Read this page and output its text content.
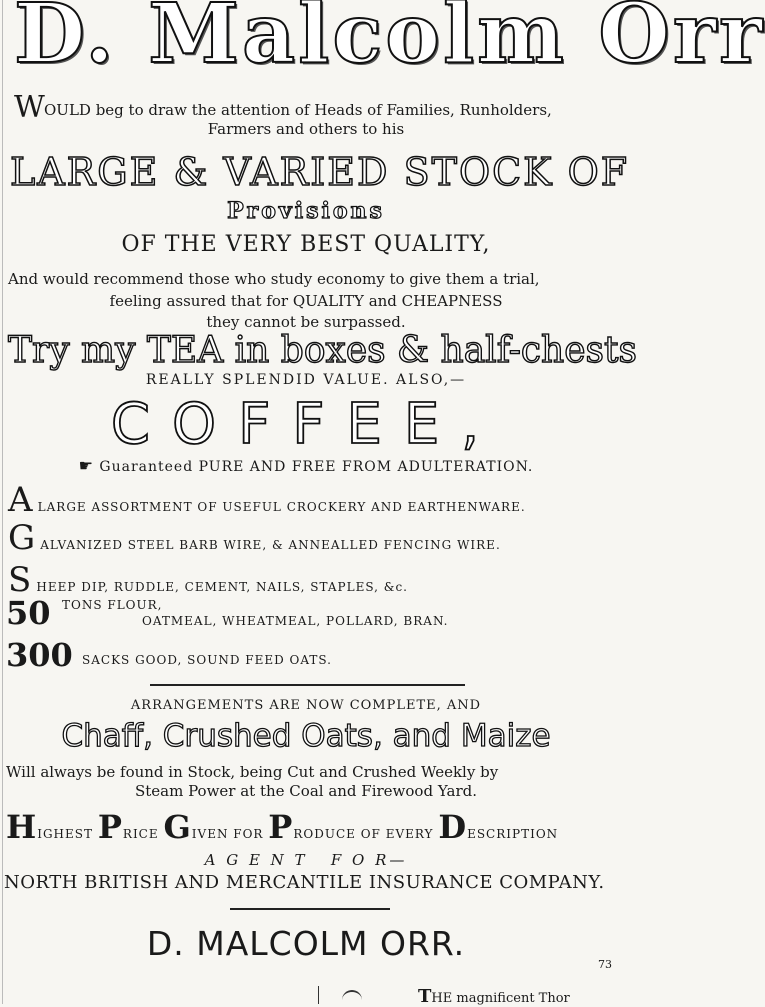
D. Malcolm Orr
W OULD beg to draw the attention of Heads of Families, Runholders,
Farmers and others to his
LARGE & VARIED STOCK OF
Provisions
OF THE VERY BEST QUALITY,
And would recommend those who study economy to give them a trial,
feeling assured that for QUALITY and CHEAPNESS
they cannot be surpassed.
Try my TEA in boxes & half-chests
REALLY SPLENDID VALUE. ALSO,—
COFFEE,
☛ Guaranteed PURE AND FREE FROM ADULTERATION.
A LARGE ASSORTMENT OF USEFUL CROCKERY AND EARTHENWARE.
G ALVANIZED STEEL BARB WIRE, & ANNEALLED FENCING WIRE.
S HEEP DIP, RUDDLE, CEMENT, NAILS, STAPLES, &c.
50 TONS FLOUR,
OATMEAL, WHEATMEAL, POLLARD, BRAN.
300 SACKS GOOD, SOUND FEED OATS.
ARRANGEMENTS ARE NOW COMPLETE, AND
Chaff, Crushed Oats, and Maize
Will always be found in Stock, being Cut and Crushed Weekly by
Steam Power at the Coal and Firewood Yard.
HIGHEST PRICE GIVEN FOR PRODUCE OF EVERY DESCRIPTION
A G E N T   F O R—
NORTH BRITISH AND MERCANTILE INSURANCE COMPANY.
D. MALCOLM ORR.
73
THE magnificent Thor
